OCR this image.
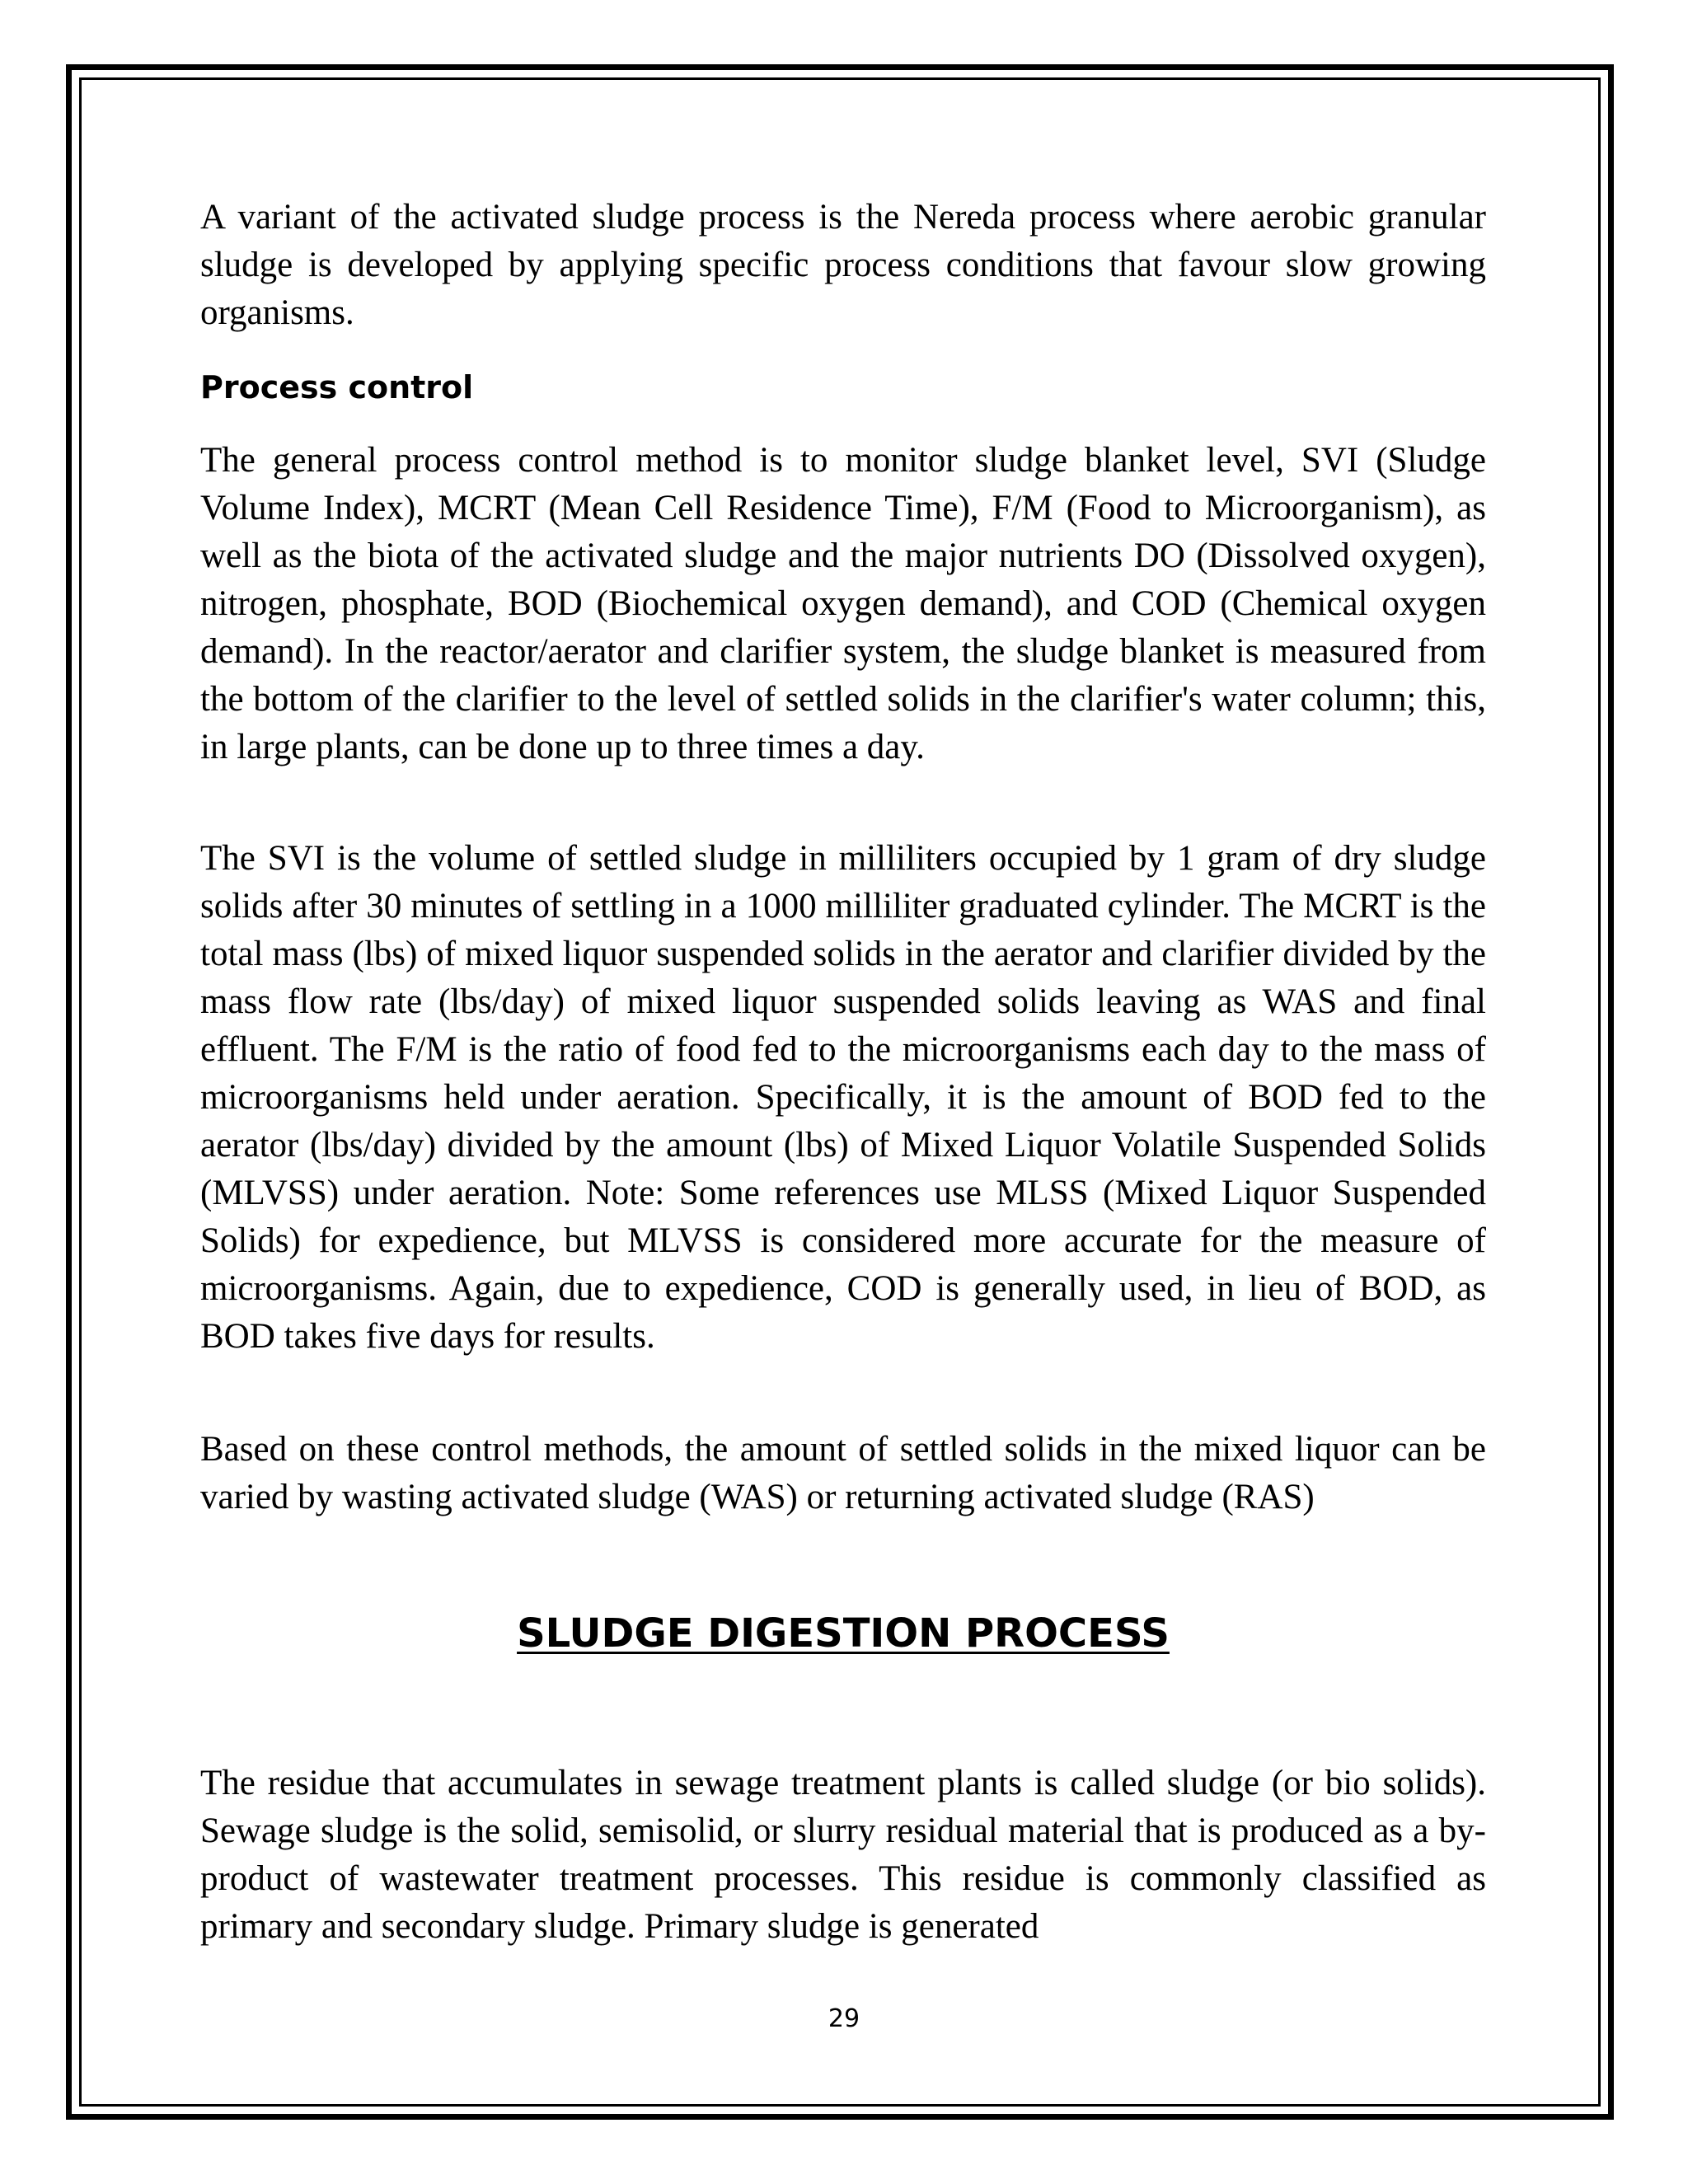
A variant of the activated sludge process is the Nereda process where aerobic granular sludge is developed by applying specific process conditions that favour slow growing organisms.

Process control

The general process control method is to monitor sludge blanket level, SVI (Sludge Volume Index), MCRT (Mean Cell Residence Time), F/M (Food to Microorganism), as well as the biota of the activated sludge and the major nutrients DO (Dissolved oxygen), nitrogen, phosphate, BOD (Biochemical oxygen demand), and COD (Chemical oxygen demand). In the reactor/aerator and clarifier system, the sludge blanket is measured from the bottom of the clarifier to the level of settled solids in the clarifier's water column; this, in large plants, can be done up to three times a day.

The SVI is the volume of settled sludge in milliliters occupied by 1 gram of dry sludge solids after 30 minutes of settling in a 1000 milliliter graduated cylinder. The MCRT is the total mass (lbs) of mixed liquor suspended solids in the aerator and clarifier divided by the mass flow rate (lbs/day) of mixed liquor suspended solids leaving as WAS and final effluent. The F/M is the ratio of food fed to the microorganisms each day to the mass of microorganisms held under aeration. Specifically, it is the amount of BOD fed to the aerator (lbs/day) divided by the amount (lbs) of Mixed Liquor Volatile Suspended Solids (MLVSS) under aeration. Note: Some references use MLSS (Mixed Liquor Suspended Solids) for expedience, but MLVSS is considered more accurate for the measure of microorganisms. Again, due to expedience, COD is generally used, in lieu of BOD, as BOD takes five days for results.

Based on these control methods, the amount of settled solids in the mixed liquor can be varied by wasting activated sludge (WAS) or returning activated sludge (RAS)

SLUDGE DIGESTION PROCESS

The residue that accumulates in sewage treatment plants is called sludge (or bio solids). Sewage sludge is the solid, semisolid, or slurry residual material that is produced as a by-product of wastewater treatment processes. This residue is commonly classified as primary and secondary sludge. Primary sludge is generated

29
